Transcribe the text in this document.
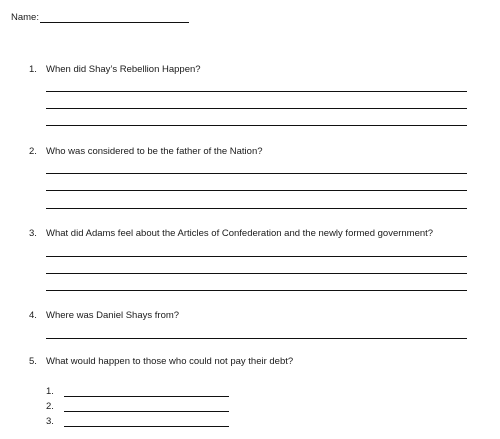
Name:
1. When did Shay’s Rebellion Happen?
2. Who was considered to be the father of the Nation?
3. What did Adams feel about the Articles of Confederation and the newly formed government?
4. Where was Daniel Shays from?
5. What would happen to those who could not pay their debt?
1.
2.
3.
